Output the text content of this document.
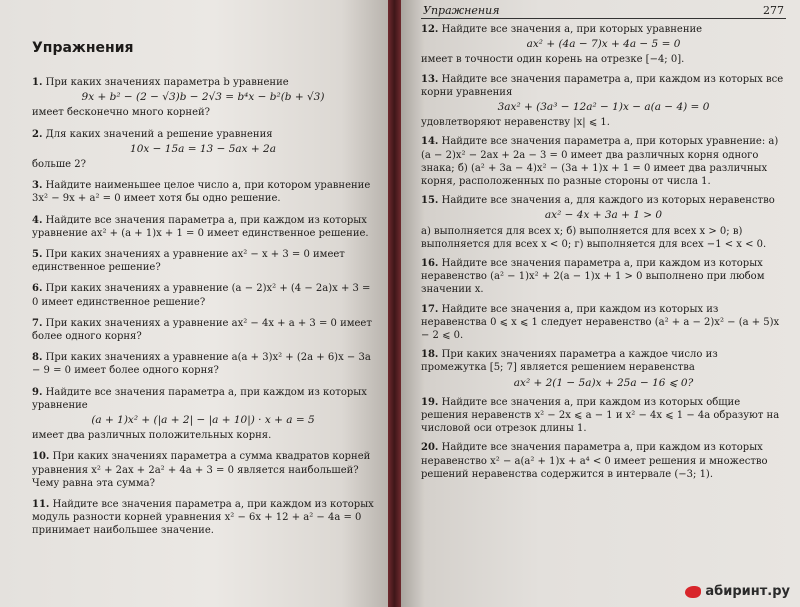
Упражнения
1. При каких значениях параметра b уравнение
9x + b² − (2 − √3)b − 2√3 = b⁴x − b²(b + √3)
имеет бесконечно много корней?
2. Для каких значений a решение уравнения
10x − 15a = 13 − 5ax + 2a
больше 2?
3. Найдите наименьшее целое число a, при котором уравнение 3x² − 9x + a² = 0 имеет хотя бы одно решение.
4. Найдите все значения параметра a, при каждом из которых уравнение ax² + (a + 1)x + 1 = 0 имеет единственное решение.
5. При каких значениях a уравнение ax² − x + 3 = 0 имеет единственное решение?
6. При каких значениях a уравнение (a − 2)x² + (4 − 2a)x + 3 = 0 имеет единственное решение?
7. При каких значениях a уравнение ax² − 4x + a + 3 = 0 имеет более одного корня?
8. При каких значениях a уравнение a(a + 3)x² + (2a + 6)x − 3a − 9 = 0 имеет более одного корня?
9. Найдите все значения параметра a, при каждом из которых уравнение
(a + 1)x² + (|a + 2| − |a + 10|) · x + a = 5
имеет два различных положительных корня.
10. При каких значениях параметра a сумма квадратов корней уравнения x² + 2ax + 2a² + 4a + 3 = 0 является наибольшей? Чему равна эта сумма?
11. Найдите все значения параметра a, при каждом из которых модуль разности корней уравнения x² − 6x + 12 + a² − 4a = 0 принимает наибольшее значение.
Упражнения	277
12. Найдите все значения a, при которых уравнение
ax² + (4a − 7)x + 4a − 5 = 0
имеет в точности один корень на отрезке [−4; 0].
13. Найдите все значения параметра a, при каждом из которых все корни уравнения
3ax² + (3a³ − 12a² − 1)x − a(a − 4) = 0
удовлетворяют неравенству |x| ⩽ 1.
14. Найдите все значения параметра a, при которых уравнение: а) (a − 2)x² − 2ax + 2a − 3 = 0 имеет два различных корня одного знака; б) (a² + 3a − 4)x² − (3a + 1)x + 1 = 0 имеет два различных корня, расположенных по разные стороны от числа 1.
15. Найдите все значения a, для каждого из которых неравенство
ax² − 4x + 3a + 1 > 0
а) выполняется для всех x; б) выполняется для всех x > 0; в) выполняется для всех x < 0; г) выполняется для всех −1 < x < 0.
16. Найдите все значения параметра a, при каждом из которых неравенство (a² − 1)x² + 2(a − 1)x + 1 > 0 выполнено при любом значении x.
17. Найдите все значения a, при каждом из которых из неравенства 0 ⩽ x ⩽ 1 следует неравенство (a² + a − 2)x² − (a + 5)x − 2 ⩽ 0.
18. При каких значениях параметра a каждое число из промежутка [5; 7] является решением неравенства
ax² + 2(1 − 5a)x + 25a − 16 ⩽ 0?
19. Найдите все значения a, при каждом из которых общие решения неравенств x² − 2x ⩽ a − 1 и x² − 4x ⩽ 1 − 4a образуют на числовой оси отрезок длины 1.
20. Найдите все значения параметра a, при каждом из которых неравенство x² − a(a² + 1)x + a⁴ < 0 имеет решения и множество решений неравенства содержится в интервале (−3; 1).
абиринт.ру
